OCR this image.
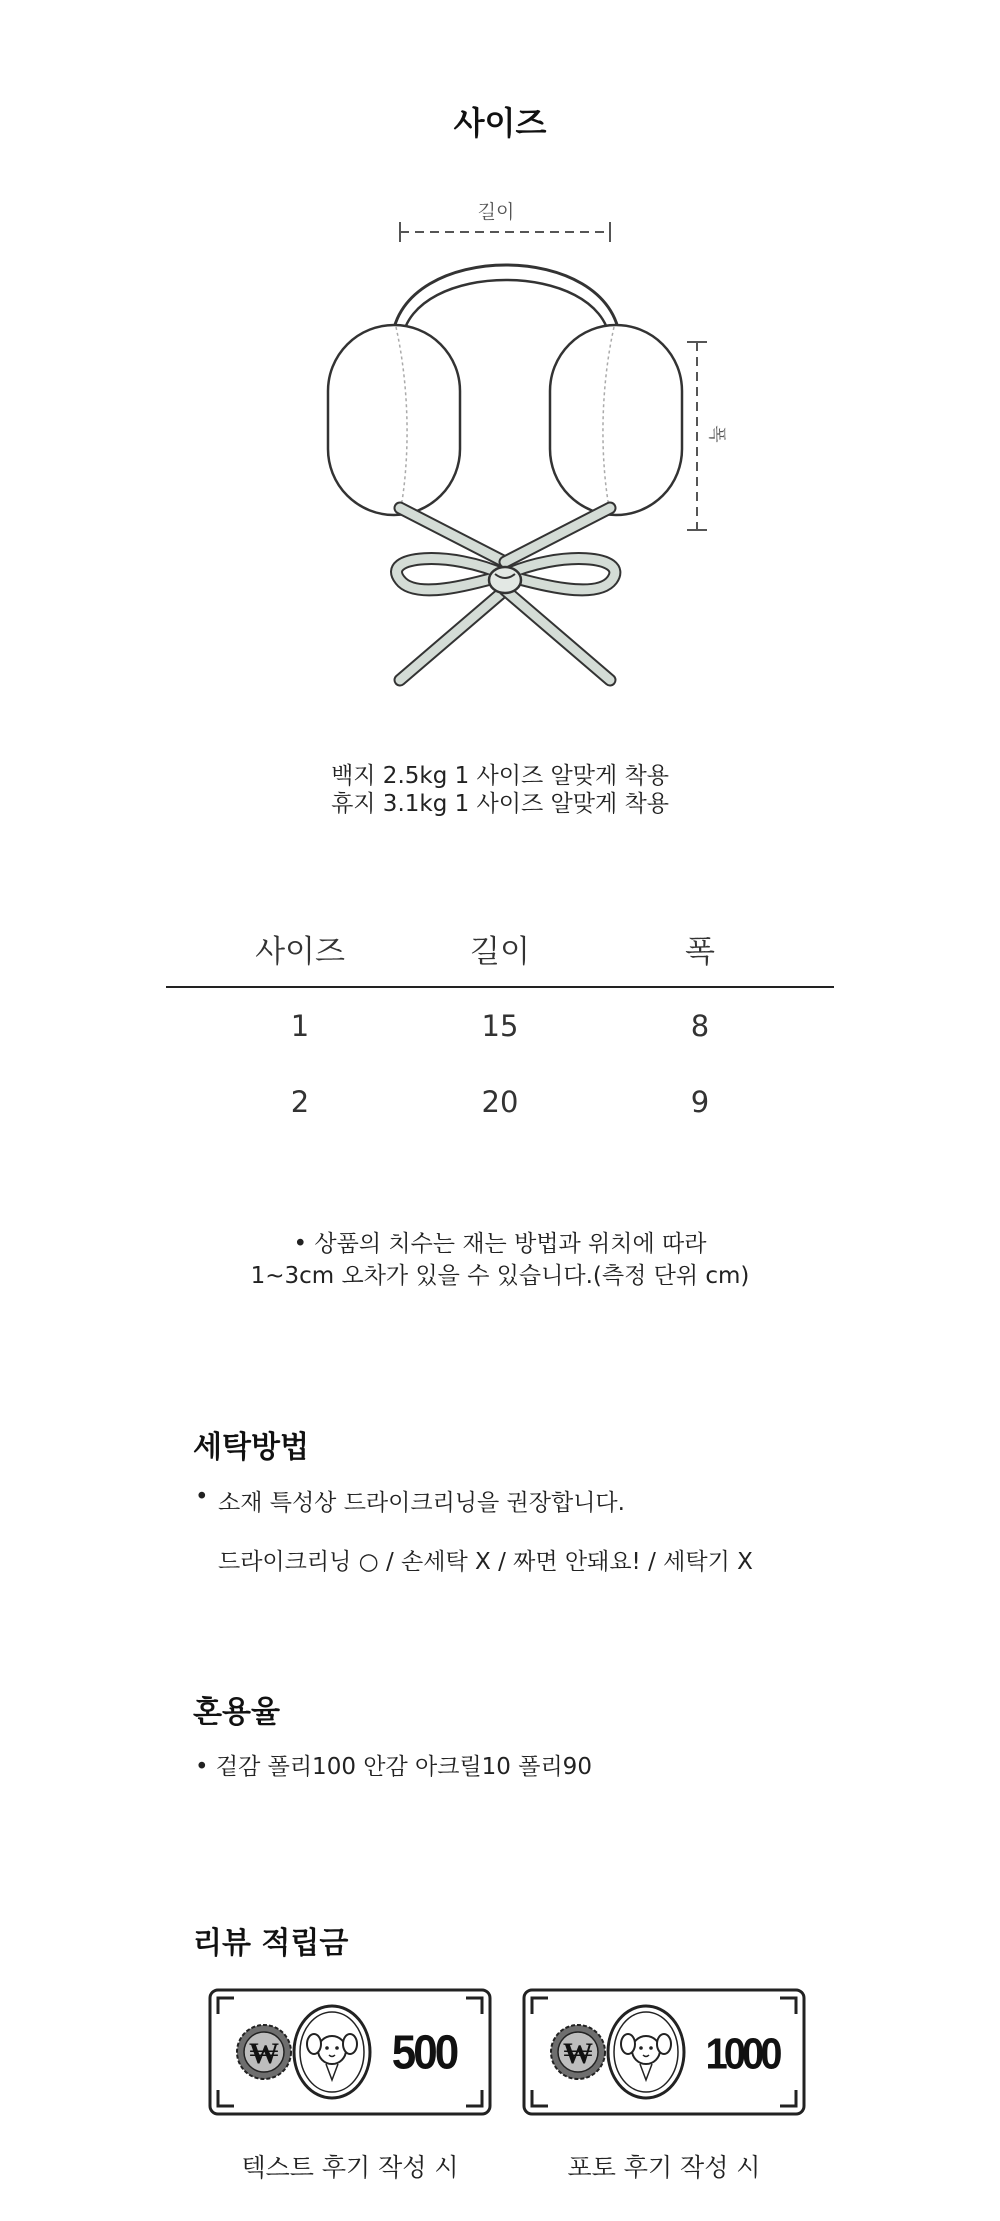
사이즈
길이
폭
백지 2.5kg 1 사이즈 알맞게 착용
휴지 3.1kg 1 사이즈 알맞게 착용
사이즈	길이	폭
1	15	8
2	20	9
• 상품의 치수는 재는 방법과 위치에 따라
1~3cm 오차가 있을 수 있습니다.(측정 단위 cm)
세탁방법
• 소재 특성상 드라이크리닝을 권장합니다.
드라이크리닝 ○ / 손세탁 X / 짜면 안돼요! / 세탁기 X
혼용율
• 겉감 폴리100 안감 아크릴10 폴리90
리뷰 적립금
₩	500
텍스트 후기 작성 시
₩	1000
포토 후기 작성 시
